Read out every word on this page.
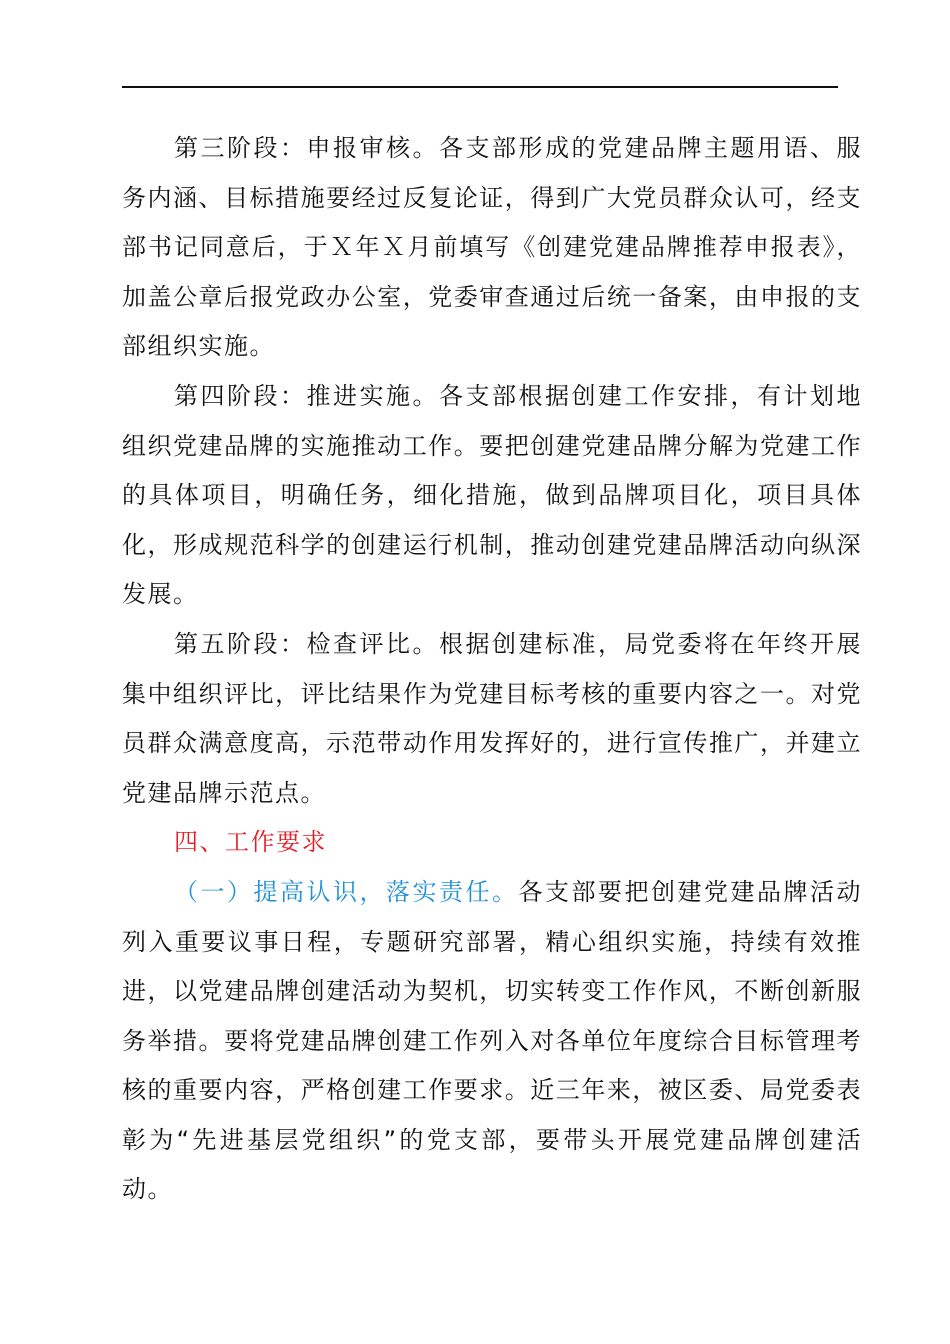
第三阶段：申报审核。各支部形成的党建品牌主题用语、服务内涵、目标措施要经过反复论证，得到广大党员群众认可，经支部书记同意后，于Ｘ年Ｘ月前填写《创建党建品牌推荐申报表》，加盖公章后报党政办公室，党委审查通过后统一备案，由申报的支部组织实施。

第四阶段：推进实施。各支部根据创建工作安排，有计划地组织党建品牌的实施推动工作。要把创建党建品牌分解为党建工作的具体项目，明确任务，细化措施，做到品牌项目化，项目具体化，形成规范科学的创建运行机制，推动创建党建品牌活动向纵深发展。

第五阶段：检查评比。根据创建标准，局党委将在年终开展集中组织评比，评比结果作为党建目标考核的重要内容之一。对党员群众满意度高，示范带动作用发挥好的，进行宣传推广，并建立党建品牌示范点。

四、工作要求

（一）提高认识，落实责任。各支部要把创建党建品牌活动列入重要议事日程，专题研究部署，精心组织实施，持续有效推进，以党建品牌创建活动为契机，切实转变工作作风，不断创新服务举措。要将党建品牌创建工作列入对各单位年度综合目标管理考核的重要内容，严格创建工作要求。近三年来，被区委、局党委表彰为“先进基层党组织”的党支部，要带头开展党建品牌创建活动。
